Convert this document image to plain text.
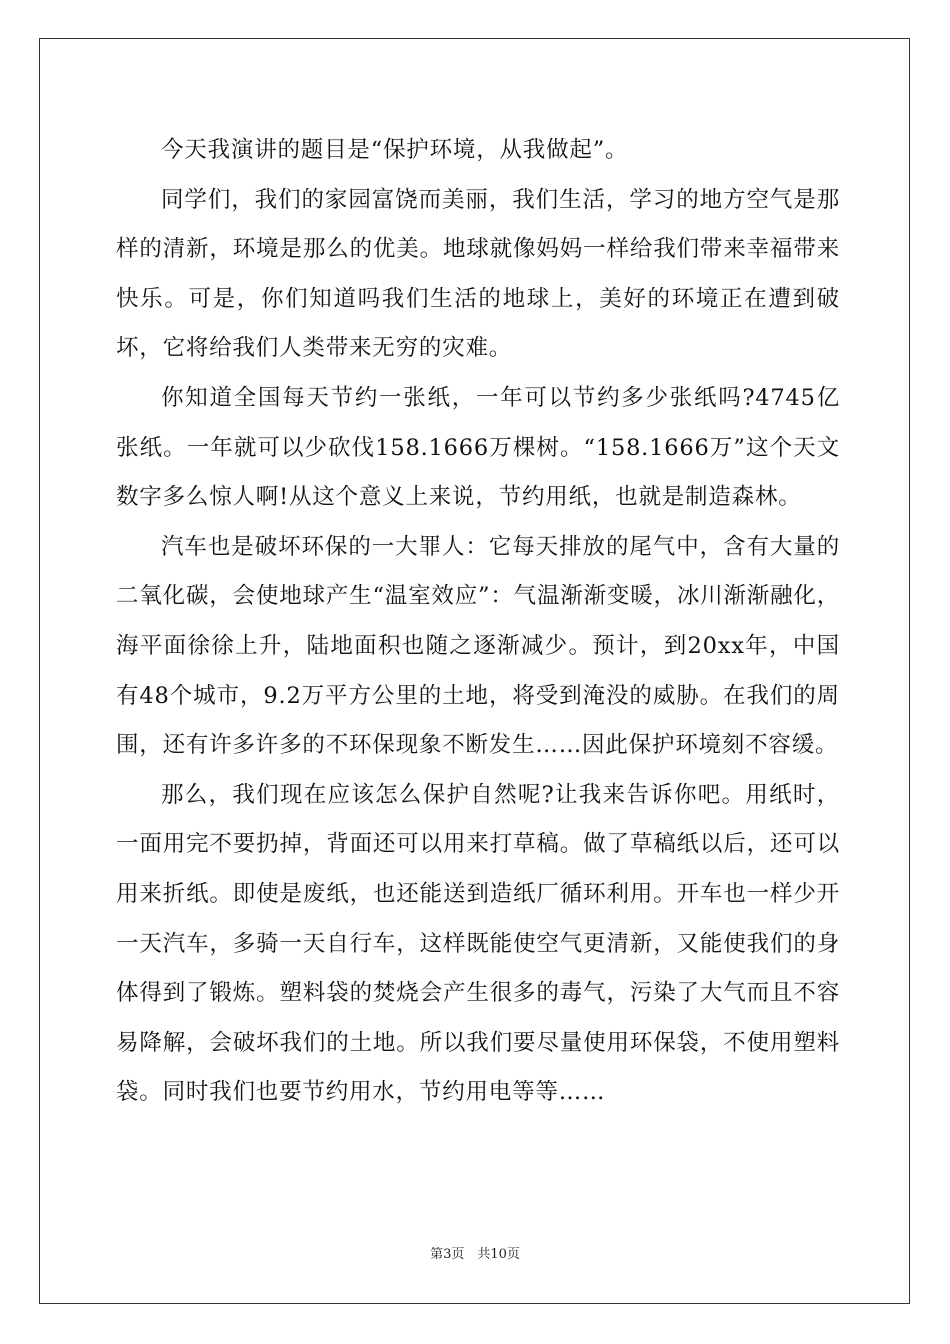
今天我演讲的题目是“保护环境，从我做起”。

同学们，我们的家园富饶而美丽，我们生活，学习的地方空气是那样的清新，环境是那么的优美。地球就像妈妈一样给我们带来幸福带来快乐。可是，你们知道吗我们生活的地球上，美好的环境正在遭到破坏，它将给我们人类带来无穷的灾难。

你知道全国每天节约一张纸，一年可以节约多少张纸吗?4745亿张纸。一年就可以少砍伐158.1666万棵树。“158.1666万”这个天文数字多么惊人啊!从这个意义上来说，节约用纸，也就是制造森林。

汽车也是破坏环保的一大罪人：它每天排放的尾气中，含有大量的二氧化碳，会使地球产生“温室效应”：气温渐渐变暖，冰川渐渐融化，海平面徐徐上升，陆地面积也随之逐渐减少。预计，到20xx年，中国有48个城市，9.2万平方公里的土地，将受到淹没的威胁。在我们的周围，还有许多许多的不环保现象不断发生……因此保护环境刻不容缓。

那么，我们现在应该怎么保护自然呢?让我来告诉你吧。用纸时，一面用完不要扔掉，背面还可以用来打草稿。做了草稿纸以后，还可以用来折纸。即使是废纸，也还能送到造纸厂循环利用。开车也一样少开一天汽车，多骑一天自行车，这样既能使空气更清新，又能使我们的身体得到了锻炼。塑料袋的焚烧会产生很多的毒气，污染了大气而且不容易降解，会破坏我们的土地。所以我们要尽量使用环保袋，不使用塑料袋。同时我们也要节约用水，节约用电等等……

第3页　共10页
